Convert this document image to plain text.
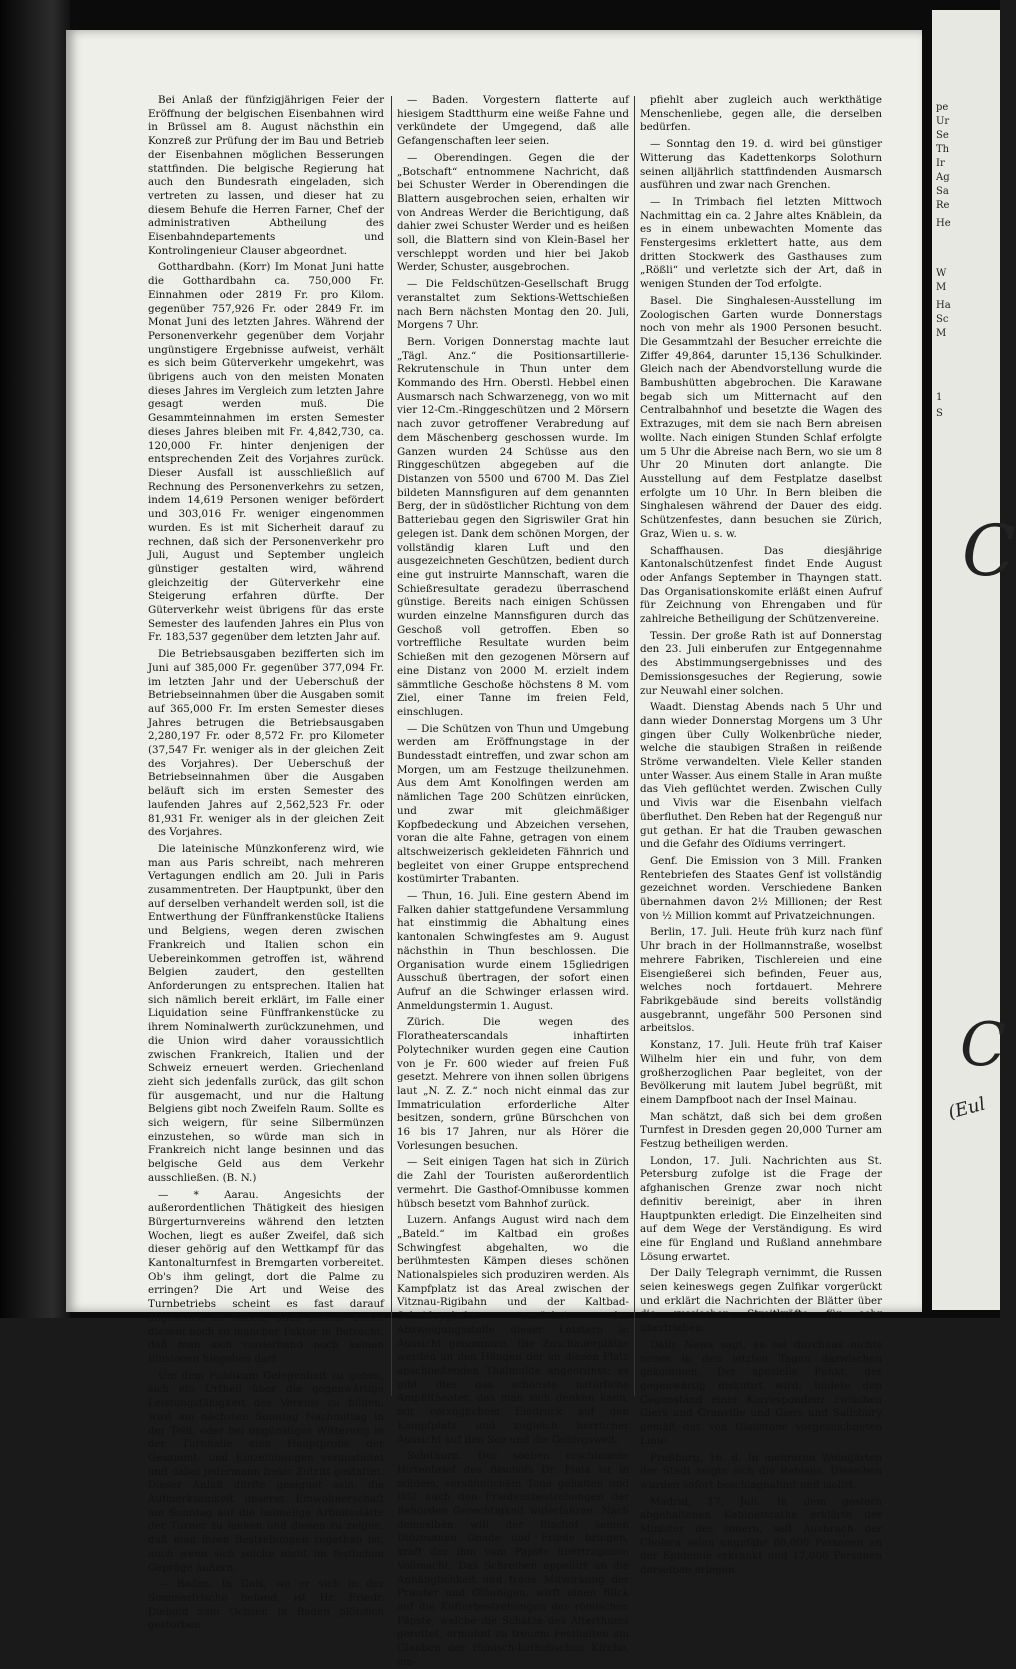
Bei Anlaß der fünfzigjährigen Feier der Eröffnung der belgischen Eisenbahnen wird in Brüssel am 8. August nächsthin ein Konzreß zur Prüfung der im Bau und Betrieb der Eisenbahnen möglichen Besserungen stattfinden. Die belgische Regierung hat auch den Bundesrath eingeladen, sich vertreten zu lassen, und dieser hat zu diesem Behufe die Herren Farner, Chef der administrativen Abtheilung des Eisenbahndepartements und Kontrolingenieur Clauser abgeordnet.

Gotthardbahn. (Korr) Im Monat Juni hatte die Gotthardbahn ca. 750,000 Fr. Einnahmen oder 2819 Fr. pro Kilom. gegenüber 757,926 Fr. oder 2849 Fr. im Monat Juni des letzten Jahres. Während der Personenverkehr gegenüber dem Vorjahr ungünstigere Ergebnisse aufweist, verhält es sich beim Güterverkehr umgekehrt, was übrigens auch von den meisten Monaten dieses Jahres im Vergleich zum letzten Jahre gesagt werden muß. Die Gesammteinnahmen im ersten Semester dieses Jahres bleiben mit Fr. 4,842,730, ca. 120,000 Fr. hinter denjenigen der entsprechenden Zeit des Vorjahres zurück. Dieser Ausfall ist ausschließlich auf Rechnung des Personenverkehrs zu setzen, indem 14,619 Personen weniger befördert und 303,016 Fr. weniger eingenommen wurden. Es ist mit Sicherheit darauf zu rechnen, daß sich der Personenverkehr pro Juli, August und September ungleich günstiger gestalten wird, während gleichzeitig der Güterverkehr eine Steigerung erfahren dürfte. Der Güterverkehr weist übrigens für das erste Semester des laufenden Jahres ein Plus von Fr. 183,537 gegenüber dem letzten Jahr auf.

Die Betriebsausgaben bezifferten sich im Juni auf 385,000 Fr. gegenüber 377,094 Fr. im letzten Jahr und der Ueberschuß der Betriebseinnahmen über die Ausgaben somit auf 365,000 Fr. Im ersten Semester dieses Jahres betrugen die Betriebsausgaben 2,280,197 Fr. oder 8,572 Fr. pro Kilometer (37,547 Fr. weniger als in der gleichen Zeit des Vorjahres). Der Ueberschuß der Betriebseinnahmen über die Ausgaben beläuft sich im ersten Semester des laufenden Jahres auf 2,562,523 Fr. oder 81,931 Fr. weniger als in der gleichen Zeit des Vorjahres.

Die lateinische Münzkonferenz wird, wie man aus Paris schreibt, nach mehreren Vertagungen endlich am 20. Juli in Paris zusammentreten. Der Hauptpunkt, über den auf derselben verhandelt werden soll, ist die Entwerthung der Fünffrankenstücke Italiens und Belgiens, wegen deren zwischen Frankreich und Italien schon ein Uebereinkommen getroffen ist, während Belgien zaudert, den gestellten Anforderungen zu entsprechen. Italien hat sich nämlich bereit erklärt, im Falle einer Liquidation seine Fünffrankenstücke zu ihrem Nominalwerth zurückzunehmen, und die Union wird daher voraussichtlich zwischen Frankreich, Italien und der Schweiz erneuert werden. Griechenland zieht sich jedenfalls zurück, das gilt schon für ausgemacht, und nur die Haltung Belgiens gibt noch Zweifeln Raum. Sollte es sich weigern, für seine Silbermünzen einzustehen, so würde man sich in Frankreich nicht lange besinnen und das belgische Geld aus dem Verkehr ausschließen. (B. N.)

— * Aarau. Angesichts der außerordentlichen Thätigkeit des hiesigen Bürgerturnvereins während den letzten Wochen, liegt es außer Zweifel, daß sich dieser gehörig auf den Wettkampf für das Kantonalturnfest in Bremgarten vorbereitet. Ob's ihm gelingt, dort die Palme zu erringen? Die Art und Weise des Turnbetriebs scheint es fast darauf abgesehen zu haben; doch kommt außer diesem noch so mancher Faktor in Betracht, daß man sich vorderhand noch keinen Illusionen hingeben darf.

Um dem Publikum Gelegenheit zu geben, sich ein Urtheil über die gegenwärtige Leistungsfähigkeit des Vereins zu bilden, wird am nächsten Sonntag Nachmittag in der Telli, oder bei ungünstiger Witterung in der Turnhalle eine Hauptprobe der Gesammt- und Einzelübungen veranstaltet und dabei Jedermann freier Zutritt gestattet. Dieser Anlaß dürfte geeignet sein, die Aufmerksamkeit unserer Einwohnerschaft am Sonntag auf die heimelige Arbeitsstätte der Turner zu lenken und diesen zu zeigen, daß man ihren Bestrebungen zugethan ist, auch wenn sich solche nicht im festlichen Gepräge äußern.

— Baden. In Gais, wo er sich in der Sommerfrische befand, ist Hr. Friedr. Diebold zum Ochsen in Baden plötzlich gestorben.

— Baden. Vorgestern flatterte auf hiesigem Stadtthurm eine weiße Fahne und verkündete der Umgegend, daß alle Gefangenschaften leer seien.

— Oberendingen. Gegen die der „Botschaft“ entnommene Nachricht, daß bei Schuster Werder in Oberendingen die Blattern ausgebrochen seien, erhalten wir von Andreas Werder die Berichtigung, daß dahier zwei Schuster Werder und es heißen soll, die Blattern sind von Klein-Basel her verschleppt worden und hier bei Jakob Werder, Schuster, ausgebrochen.

— Die Feldschützen-Gesellschaft Brugg veranstaltet zum Sektions-Wettschießen nach Bern nächsten Montag den 20. Juli, Morgens 7 Uhr.

Bern. Vorigen Donnerstag machte laut „Tägl. Anz.“ die Positionsartillerie-Rekrutenschule in Thun unter dem Kommando des Hrn. Oberstl. Hebbel einen Ausmarsch nach Schwarzenegg, von wo mit vier 12-Cm.-Ringgeschützen und 2 Mörsern nach zuvor getroffener Verabredung auf dem Mäschenberg geschossen wurde. Im Ganzen wurden 24 Schüsse aus den Ringgeschützen abgegeben auf die Distanzen von 5500 und 6700 M. Das Ziel bildeten Mannsfiguren auf dem genannten Berg, der in südöstlicher Richtung von dem Batteriebau gegen den Sigriswiler Grat hin gelegen ist. Dank dem schönen Morgen, der vollständig klaren Luft und den ausgezeichneten Geschützen, bedient durch eine gut instruirte Mannschaft, waren die Schießresultate geradezu überraschend günstige. Bereits nach einigen Schüssen wurden einzelne Mannsfiguren durch das Geschoß voll getroffen. Eben so vortreffliche Resultate wurden beim Schießen mit den gezogenen Mörsern auf eine Distanz von 2000 M. erzielt indem sämmtliche Geschoße höchstens 8 M. vom Ziel, einer Tanne im freien Feld, einschlugen.

— Die Schützen von Thun und Umgebung werden am Eröffnungstage in der Bundesstadt eintreffen, und zwar schon am Morgen, um am Festzuge theilzunehmen. Aus dem Amt Konolfingen werden am nämlichen Tage 200 Schützen einrücken, und zwar mit gleichmäßiger Kopfbedeckung und Abzeichen versehen, voran die alte Fahne, getragen von einem altschweizerisch gekleideten Fähnrich und begleitet von einer Gruppe entsprechend kostümirter Trabanten.

— Thun, 16. Juli. Eine gestern Abend im Falken dahier stattgefundene Versammlung hat einstimmig die Abhaltung eines kantonalen Schwingfestes am 9. August nächsthin in Thun beschlossen. Die Organisation wurde einem 15gliedrigen Ausschuß übertragen, der sofort einen Aufruf an die Schwinger erlassen wird. Anmeldungstermin 1. August.

Zürich. Die wegen des Floratheaterscandals inhaftirten Polytechniker wurden gegen eine Caution von je Fr. 600 wieder auf freien Fuß gesetzt. Mehrere von ihnen sollen übrigens laut „N. Z. Z.“ noch nicht einmal das zur Immatriculation erforderliche Alter besitzen, sondern, grüne Bürschchen von 16 bis 17 Jahren, nur als Hörer die Vorlesungen besuchen.

— Seit einigen Tagen hat sich in Zürich die Zahl der Touristen außerordentlich vermehrt. Die Gasthof-Omnibusse kommen hübsch besetzt vom Bahnhof zurück.

Luzern. Anfangs August wird nach dem „Bateld.“ im Kaltbad ein großes Schwingfest abgehalten, wo die berühmtesten Kämpen dieses schönen Nationalspieles sich produziren werden. Als Kampfplatz ist das Areal zwischen der Vitznau-Rigibahn und der Kaltbad-Scheideggbahn zunächst der Abzweigungsstelle dieser Letztern in Aussicht genommen. Die Zuschauerplätze werden an den Hängen der an diesen Platz anschließenden Thalmulde angeordnet; es gibt dies das schönste natürliche Amphitheater, das man sich denken kann, mit vorzüglichem Eindruck auf den Kampfplatz und zugleich herrlicher Aussicht auf den See und die Gebirgswelt.

Solothurn. Der soeben erschienene Hirtenbrief des Bischofs Dr. Fiala ist in mildem, versöhnlichem Tone gehalten und läßt auch den Friedensbestrebungen der Behörden Gerechtigkeit widerfahren. Nach demselben will der Bischof seinen Diözesanen Gnade und Friede bringen, kraft der ihm vom Papste übertragenen Vollmacht. Das Schreiben appellirt an die Anhänglichkeit und treue Mitwirkung der Priester und Gläubigen, wirft einen Blick auf die Kulturbestrebungen der römischen Päpste, welche die Schätze des Alterthums gerettet, ermahnt zu treuem Festhalten am Glauben der römisch-katholischen Kirche, em-

pfiehlt aber zugleich auch werkthätige Menschenliebe, gegen alle, die derselben bedürfen.

— Sonntag den 19. d. wird bei günstiger Witterung das Kadettenkorps Solothurn seinen alljährlich stattfindenden Ausmarsch ausführen und zwar nach Grenchen.

— In Trimbach fiel letzten Mittwoch Nachmittag ein ca. 2 Jahre altes Knäblein, da es in einem unbewachten Momente das Fenstergesims erklettert hatte, aus dem dritten Stockwerk des Gasthauses zum „Rößli“ und verletzte sich der Art, daß in wenigen Stunden der Tod erfolgte.

Basel. Die Singhalesen-Ausstellung im Zoologischen Garten wurde Donnerstags noch von mehr als 1900 Personen besucht. Die Gesammtzahl der Besucher erreichte die Ziffer 49,864, darunter 15,136 Schulkinder. Gleich nach der Abendvorstellung wurde die Bambushütten abgebrochen. Die Karawane begab sich um Mitternacht auf den Centralbahnhof und besetzte die Wagen des Extrazuges, mit dem sie nach Bern abreisen wollte. Nach einigen Stunden Schlaf erfolgte um 5 Uhr die Abreise nach Bern, wo sie um 8 Uhr 20 Minuten dort anlangte. Die Ausstellung auf dem Festplatze daselbst erfolgte um 10 Uhr. In Bern bleiben die Singhalesen während der Dauer des eidg. Schützenfestes, dann besuchen sie Zürich, Graz, Wien u. s. w.

Schaffhausen. Das diesjährige Kantonalschützenfest findet Ende August oder Anfangs September in Thayngen statt. Das Organisationskomite erläßt einen Aufruf für Zeichnung von Ehrengaben und für zahlreiche Betheiligung der Schützenvereine.

Tessin. Der große Rath ist auf Donnerstag den 23. Juli einberufen zur Entgegennahme des Abstimmungsergebnisses und des Demissionsgesuches der Regierung, sowie zur Neuwahl einer solchen.

Waadt. Dienstag Abends nach 5 Uhr und dann wieder Donnerstag Morgens um 3 Uhr gingen über Cully Wolkenbrüche nieder, welche die staubigen Straßen in reißende Ströme verwandelten. Viele Keller standen unter Wasser. Aus einem Stalle in Aran mußte das Vieh geflüchtet werden. Zwischen Cully und Vivis war die Eisenbahn vielfach überfluthet. Den Reben hat der Regenguß nur gut gethan. Er hat die Trauben gewaschen und die Gefahr des Oïdiums verringert.

Genf. Die Emission von 3 Mill. Franken Rentebriefen des Staates Genf ist vollständig gezeichnet worden. Verschiedene Banken übernahmen davon 2½ Millionen; der Rest von ½ Million kommt auf Privatzeichnungen.

Berlin, 17. Juli. Heute früh kurz nach fünf Uhr brach in der Hollmannstraße, woselbst mehrere Fabriken, Tischlereien und eine Eisengießerei sich befinden, Feuer aus, welches noch fortdauert. Mehrere Fabrikgebäude sind bereits vollständig ausgebrannt, ungefähr 500 Personen sind arbeitslos.

Konstanz, 17. Juli. Heute früh traf Kaiser Wilhelm hier ein und fuhr, von dem großherzoglichen Paar begleitet, von der Bevölkerung mit lautem Jubel begrüßt, mit einem Dampfboot nach der Insel Mainau.

Man schätzt, daß sich bei dem großen Turnfest in Dresden gegen 20,000 Turner am Festzug betheiligen werden.

London, 17. Juli. Nachrichten aus St. Petersburg zufolge ist die Frage der afghanischen Grenze zwar noch nicht definitiv bereinigt, aber in ihren Hauptpunkten erledigt. Die Einzelheiten sind auf dem Wege der Verständigung. Es wird eine für England und Rußland annehmbare Lösung erwartet.

Der Daily Telegraph vernimmt, die Russen seien keineswegs gegen Zulfikar vorgerückt und erklärt die Nachrichten der Blätter über die russischen Streitkräfte für sehr übertrieben.

Daily News sagt, es sei durchaus nichts neues in den letzten Tagen dazwischen gekommen. Der spezielle Punkt, der gegenwärtig diskutirt wird, bildete den Gegenstand einer Korrespondenz zwischen Giers und Granville und Giers und Salisbury gemäß der von Gladstone vorgezeichneten Linie.

Preßburg, 16. d. In mehreren Weingärten der Stadt zeigte sich die Reblaus. Dieselben wurden sofort beschlagnahmt und isolirt.

Madrid, 17. Juli. In dem gestern abgehaltenen Kabinetsrathe erklärte der Minister des Innern, seit Ausbruch der Cholera seien ungefähr 60,000 Personen an der Epidemie erkrankt und 17,000 Personen derselben erlegen.

pe
Ur
Se
Th
Ir
Ag
Sa
Re
He
W
M
Ha
Sc
M
1
S
(Eul
C
C
